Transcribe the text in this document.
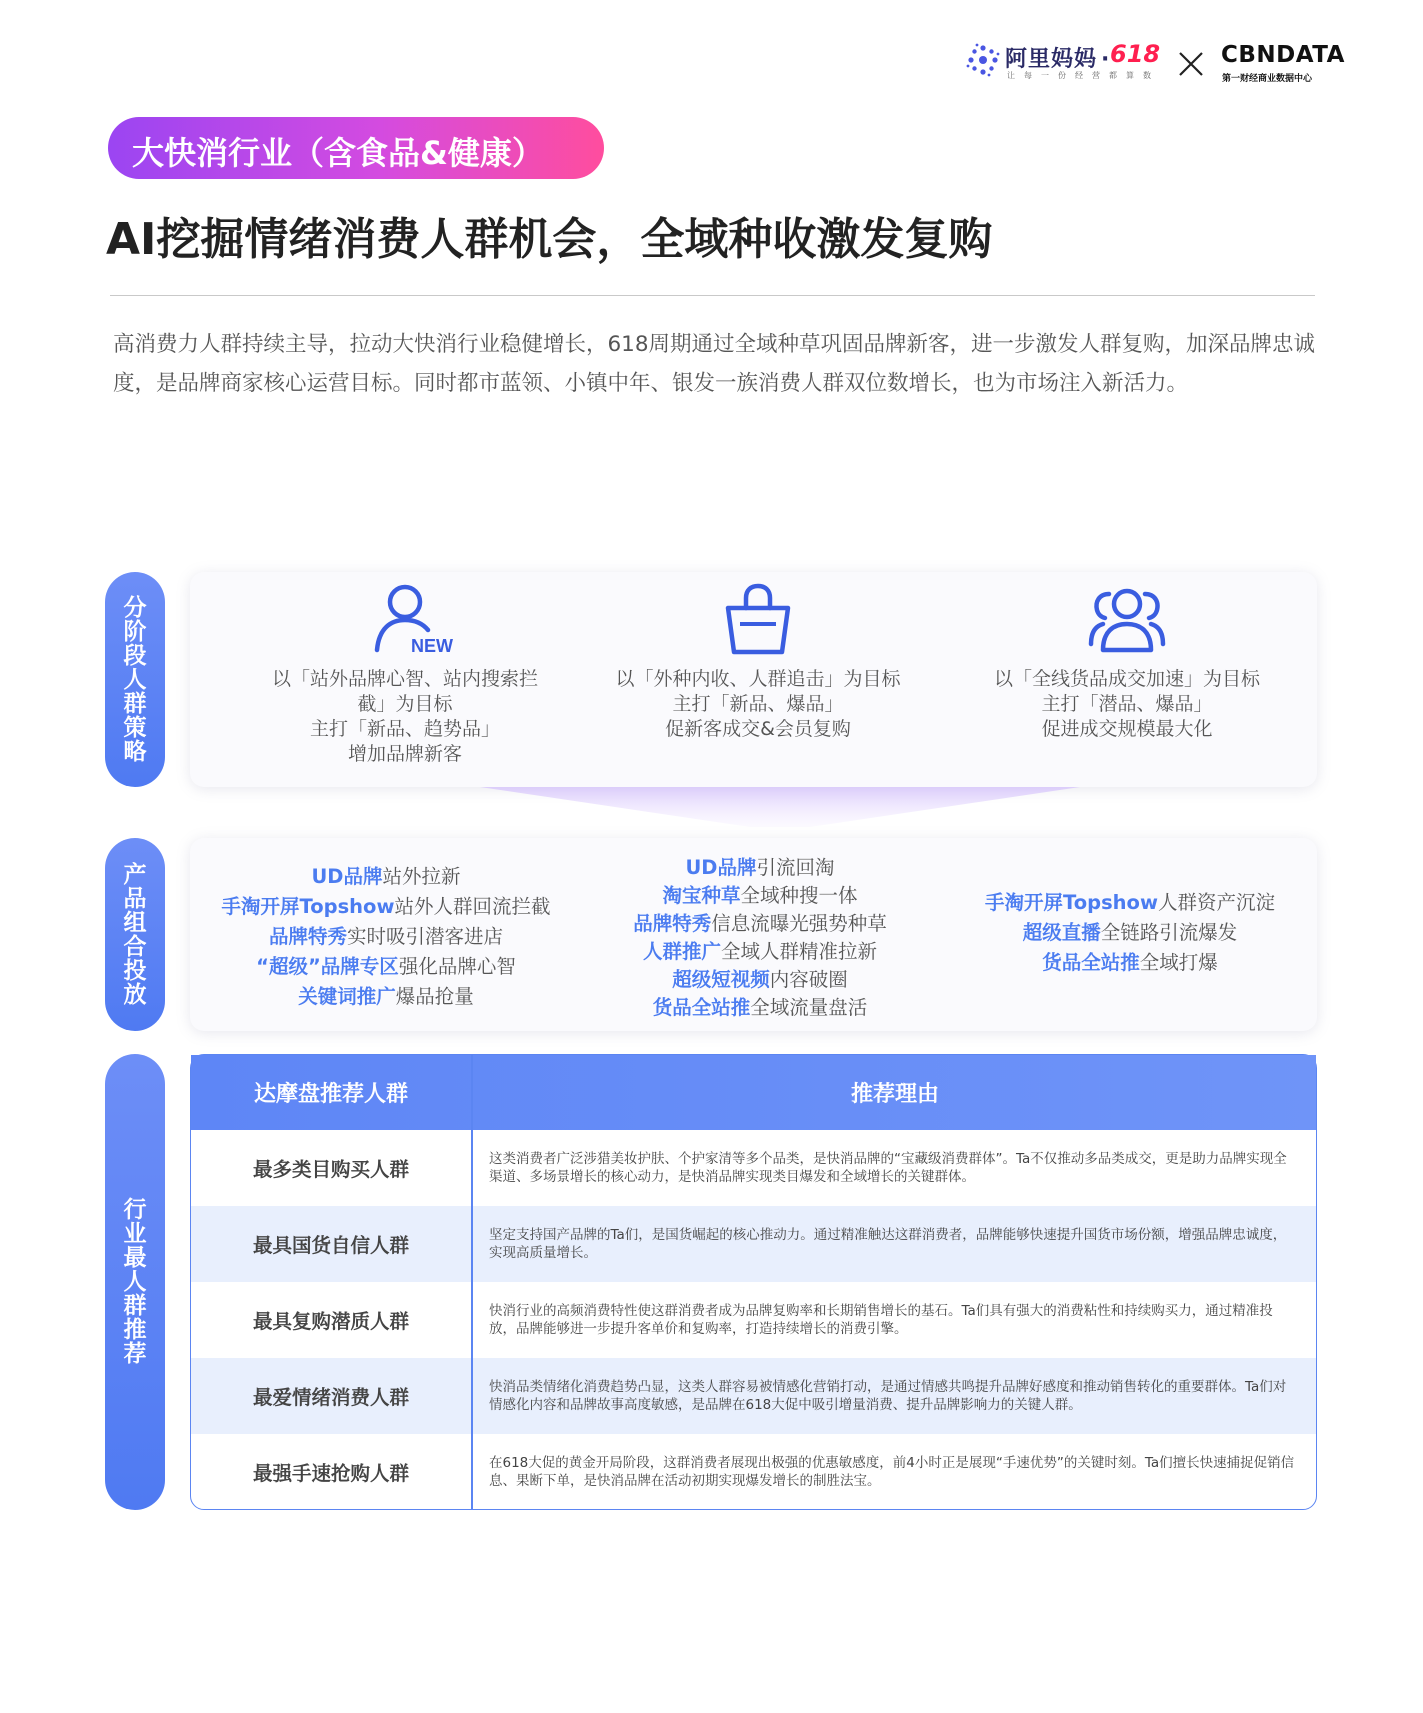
阿里妈妈 · 618
让每一份经营都算数
CBNDATA
第一财经商业数据中心
大快消行业（含食品&健康）
AI挖掘情绪消费人群机会，全域种收激发复购

高消费力人群持续主导，拉动大快消行业稳健增长，618周期通过全域种草巩固品牌新客，进一步激发人群复购，加深品牌忠诚度，是品牌商家核心运营目标。同时都市蓝领、小镇中年、银发一族消费人群双位数增长，也为市场注入新活力。

分阶段人群策略
产品组合投放
行业最人群推荐
NEW
以「站外品牌心智、站内搜索拦
截」为目标
主打「新品、趋势品」
增加品牌新客
以「外种内收、人群追击」为目标
主打「新品、爆品」
促新客成交&会员复购
以「全线货品成交加速」为目标
主打「潜品、爆品」
促进成交规模最大化
UD品牌站外拉新
手淘开屏Topshow站外人群回流拦截
品牌特秀实时吸引潜客进店
“超级”品牌专区强化品牌心智
关键词推广爆品抢量
UD品牌引流回淘
淘宝种草全域种搜一体
品牌特秀信息流曝光强势种草
人群推广全域人群精准拉新
超级短视频内容破圈
货品全站推全域流量盘活
手淘开屏Topshow人群资产沉淀
超级直播全链路引流爆发
货品全站推全域打爆
达摩盘推荐人群	推荐理由
最多类目购买人群	这类消费者广泛涉猎美妆护肤、个护家清等多个品类，是快消品牌的“宝藏级消费群体”。Ta不仅推动多品类成交，更是助力品牌实现全渠道、多场景增长的核心动力，是快消品牌实现类目爆发和全域增长的关键群体。
最具国货自信人群	坚定支持国产品牌的Ta们，是国货崛起的核心推动力。通过精准触达这群消费者，品牌能够快速提升国货市场份额，增强品牌忠诚度，实现高质量增长。
最具复购潜质人群	快消行业的高频消费特性使这群消费者成为品牌复购率和长期销售增长的基石。Ta们具有强大的消费粘性和持续购买力，通过精准投放，品牌能够进一步提升客单价和复购率，打造持续增长的消费引擎。
最爱情绪消费人群	快消品类情绪化消费趋势凸显，这类人群容易被情感化营销打动，是通过情感共鸣提升品牌好感度和推动销售转化的重要群体。Ta们对情感化内容和品牌故事高度敏感，是品牌在618大促中吸引增量消费、提升品牌影响力的关键人群。
最强手速抢购人群	在618大促的黄金开局阶段，这群消费者展现出极强的优惠敏感度，前4小时正是展现“手速优势”的关键时刻。Ta们擅长快速捕捉促销信息、果断下单，是快消品牌在活动初期实现爆发增长的制胜法宝。
